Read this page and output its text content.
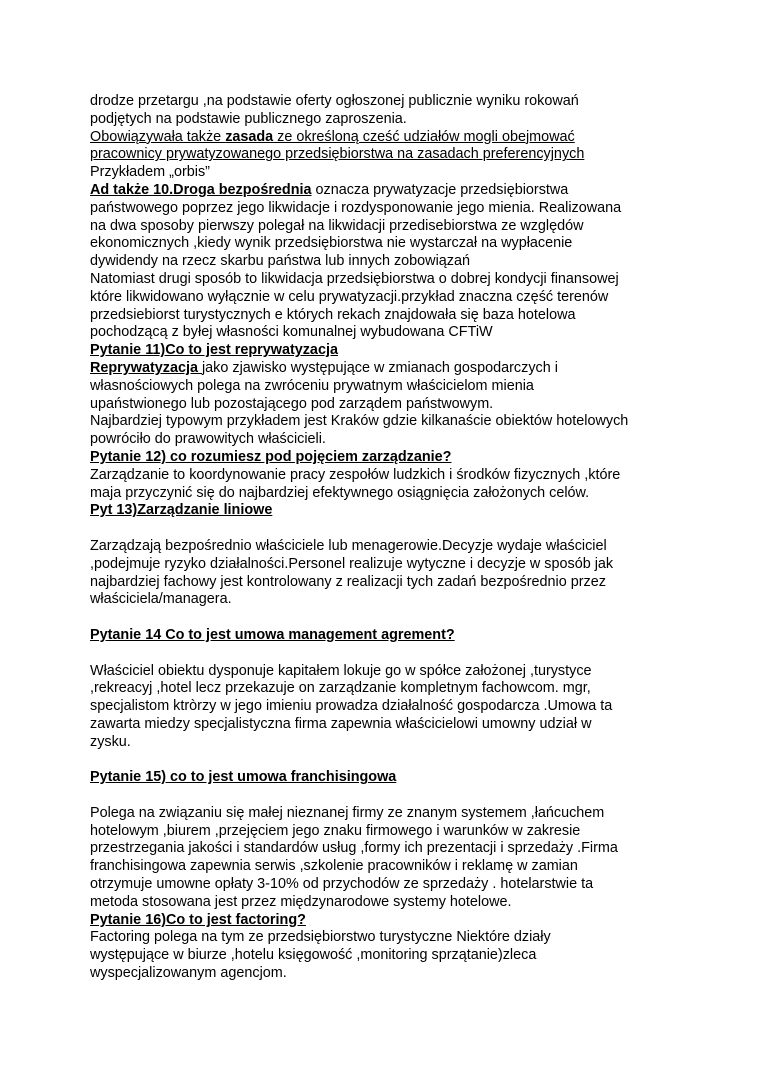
drodze przetargu ,na podstawie oferty ogłoszonej publicznie wyniku rokowań
podjętych na podstawie publicznego zaproszenia.
Obowiązywała także zasada ze określoną cześć udziałów mogli obejmować
pracownicy prywatyzowanego przedsiębiorstwa na zasadach preferencyjnych
Przykładem „orbis”
Ad także 10.Droga bezpośrednia oznacza prywatyzacje przedsiębiorstwa
państwowego poprzez jego likwidacje i rozdysponowanie jego mienia. Realizowana
na dwa sposoby pierwszy polegał na likwidacji przedisebiorstwa ze względów
ekonomicznych ,kiedy wynik przedsiębiorstwa nie wystarczał na wypłacenie
dywidendy na rzecz skarbu państwa lub innych zobowiązań
Natomiast drugi sposób to likwidacja przedsiębiorstwa o dobrej kondycji finansowej
które likwidowano wyłącznie w celu prywatyzacji.przykład znaczna część terenów
przedsiebiorst turystycznych e których rekach znajdowała się baza hotelowa
pochodzącą z byłej własności komunalnej wybudowana CFTiW
Pytanie 11)Co to jest reprywatyzacja
Reprywatyzacja jako zjawisko występujące w zmianach gospodarczych i
własnościowych polega na zwróceniu prywatnym właścicielom mienia
upaństwionego lub pozostającego pod zarządem państwowym.
Najbardziej typowym przykładem jest Kraków gdzie kilkanaście obiektów hotelowych
powróciło do prawowitych właścicieli.
Pytanie 12) co rozumiesz pod pojęciem zarządzanie?
Zarządzanie to koordynowanie pracy zespołów ludzkich i środków fizycznych ,które
maja przyczynić się do najbardziej efektywnego osiągnięcia założonych celów.
Pyt 13)Zarządzanie liniowe
Zarządzają bezpośrednio właściciele lub menagerowie.Decyzje wydaje właściciel
,podejmuje ryzyko działalności.Personel realizuje wytyczne i decyzje w sposób jak
najbardziej fachowy jest kontrolowany z realizacji tych zadań bezpośrednio przez
właściciela/managera.
Pytanie 14 Co to jest umowa management agrement?
Właściciel obiektu dysponuje kapitałem lokuje go w spółce założonej ,turystyce
,rekreacyj ,hotel lecz przekazuje on zarządzanie kompletnym fachowcom. mgr,
specjalistom ktròrzy w jego imieniu prowadza działalność gospodarcza .Umowa ta
zawarta miedzy specjalistyczna firma zapewnia właścicielowi umowny udział w
zysku.
Pytanie 15) co to jest umowa franchisingowa
Polega na związaniu się małej nieznanej firmy ze znanym systemem ,łańcuchem
hotelowym ,biurem ,przejęciem jego znaku firmowego i warunków w zakresie
przestrzegania jakości i standardów usług ,formy ich prezentacji i sprzedaży .Firma
franchisingowa zapewnia serwis ,szkolenie pracowników i reklamę w zamian
otrzymuje umowne opłaty 3-10% od przychodów ze sprzedaży . hotelarstwie ta
metoda stosowana jest przez międzynarodowe systemy hotelowe.
Pytanie 16)Co to jest factoring?
Factoring polega na tym ze przedsiębiorstwo turystyczne Niektóre działy
występujące w biurze ,hotelu księgowość ,monitoring sprzątanie)zleca
wyspecjalizowanym agencjom.
